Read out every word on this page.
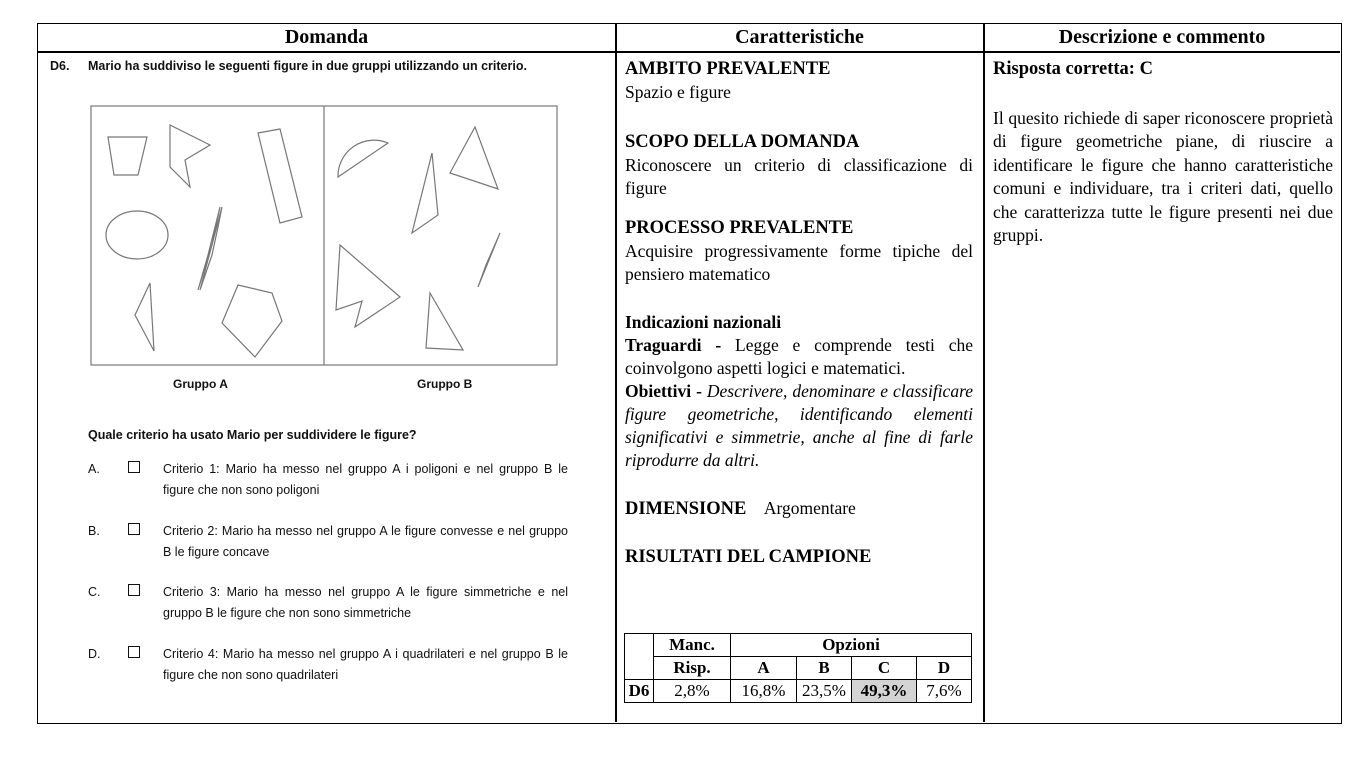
Domanda	Caratteristiche	Descrizione e commento
D6. Mario ha suddiviso le seguenti figure in due gruppi utilizzando un criterio.
Gruppo A	Gruppo B
Quale criterio ha usato Mario per suddividere le figure?
A.	Criterio 1: Mario ha messo nel gruppo A i poligoni e nel gruppo B le figure che non sono poligoni
B.	Criterio 2: Mario ha messo nel gruppo A le figure convesse e nel gruppo B le figure concave
C.	Criterio 3: Mario ha messo nel gruppo A le figure simmetriche e nel gruppo B le figure che non sono simmetriche
D.	Criterio 4: Mario ha messo nel gruppo A i quadrilateri e nel gruppo B le figure che non sono quadrilateri
AMBITO PREVALENTE
Spazio e figure
SCOPO DELLA DOMANDA
Riconoscere un criterio di classificazione di figure
PROCESSO PREVALENTE
Acquisire progressivamente forme tipiche del pensiero matematico
Indicazioni nazionali
Traguardi - Legge e comprende testi che coinvolgono aspetti logici e matematici.
Obiettivi - Descrivere, denominare e classificare figure geometriche, identificando elementi significativi e simmetrie, anche al fine di farle riprodurre da altri.
DIMENSIONE Argomentare
RISULTATI DEL CAMPIONE
	Manc.	Opzioni			
	Risp.	A	B	C	D
D6	2,8%	16,8%	23,5%	49,3%	7,6%
Risposta corretta: C
Il quesito richiede di saper riconoscere proprietà di figure geometriche piane, di riuscire a identificare le figure che hanno caratteristiche comuni e individuare, tra i criteri dati, quello che caratterizza tutte le figure presenti nei due gruppi.
